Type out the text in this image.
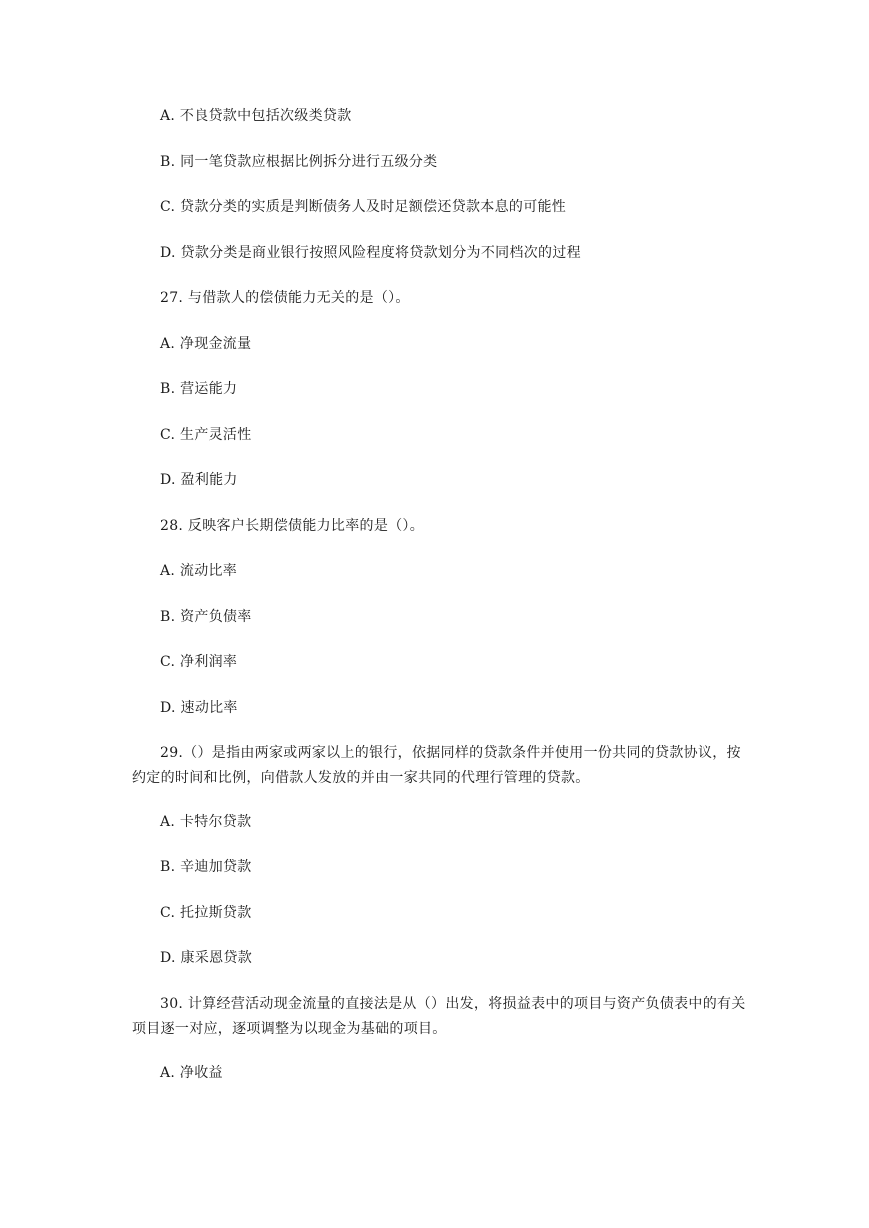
A. 不良贷款中包括次级类贷款
B. 同一笔贷款应根据比例拆分进行五级分类
C. 贷款分类的实质是判断债务人及时足额偿还贷款本息的可能性
D. 贷款分类是商业银行按照风险程度将贷款划分为不同档次的过程
27. 与借款人的偿债能力无关的是（）。
A. 净现金流量
B. 营运能力
C. 生产灵活性
D. 盈利能力
28. 反映客户长期偿债能力比率的是（）。
A. 流动比率
B. 资产负债率
C. 净利润率
D. 速动比率
29.（）是指由两家或两家以上的银行，依据同样的贷款条件并使用一份共同的贷款协议，按约定的时间和比例，向借款人发放的并由一家共同的代理行管理的贷款。
A. 卡特尔贷款
B. 辛迪加贷款
C. 托拉斯贷款
D. 康采恩贷款
30. 计算经营活动现金流量的直接法是从（）出发，将损益表中的项目与资产负债表中的有关项目逐一对应，逐项调整为以现金为基础的项目。
A. 净收益
